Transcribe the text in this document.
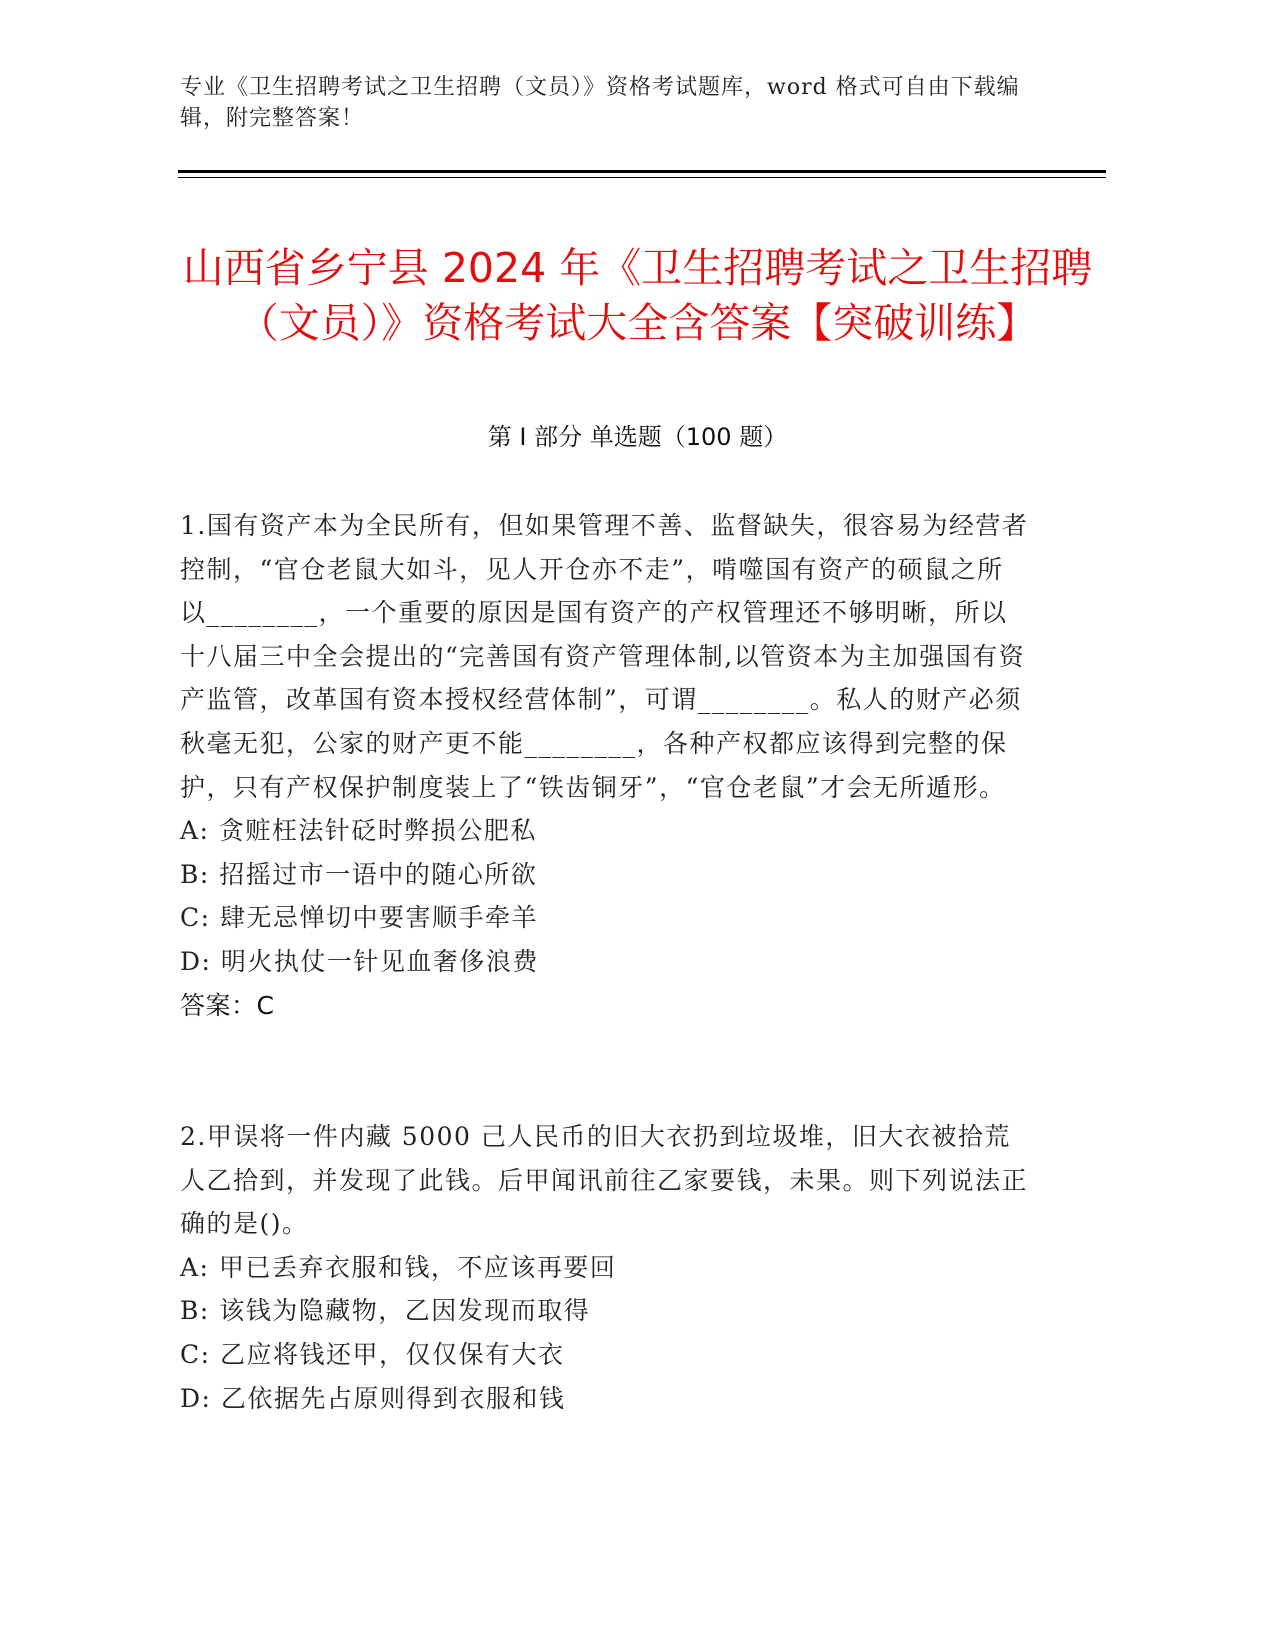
专业《卫生招聘考试之卫生招聘（文员）》资格考试题库，word 格式可自由下载编辑，附完整答案！
山西省乡宁县 2024 年《卫生招聘考试之卫生招聘（文员）》资格考试大全含答案【突破训练】
第 I 部分 单选题（100 题）

1.国有资产本为全民所有，但如果管理不善、监督缺失，很容易为经营者控制，“官仓老鼠大如斗，见人开仓亦不走”，啃噬国有资产的硕鼠之所以________，一个重要的原因是国有资产的产权管理还不够明晰，所以十八届三中全会提出的“完善国有资产管理体制,以管资本为主加强国有资产监管，改革国有资本授权经营体制”，可谓________。私人的财产必须秋毫无犯，公家的财产更不能________，各种产权都应该得到完整的保护，只有产权保护制度装上了“铁齿铜牙”，“官仓老鼠”才会无所遁形。

A: 贪赃枉法针砭时弊损公肥私

B: 招摇过市一语中的随心所欲

C: 肆无忌惮切中要害顺手牵羊

D: 明火执仗一针见血奢侈浪费

答案：C

2.甲误将一件内藏 5000 己人民币的旧大衣扔到垃圾堆，旧大衣被拾荒人乙拾到，并发现了此钱。后甲闻讯前往乙家要钱，未果。则下列说法正确的是()。

A: 甲已丢弃衣服和钱，不应该再要回

B: 该钱为隐藏物，乙因发现而取得

C: 乙应将钱还甲，仅仅保有大衣

D: 乙依据先占原则得到衣服和钱
